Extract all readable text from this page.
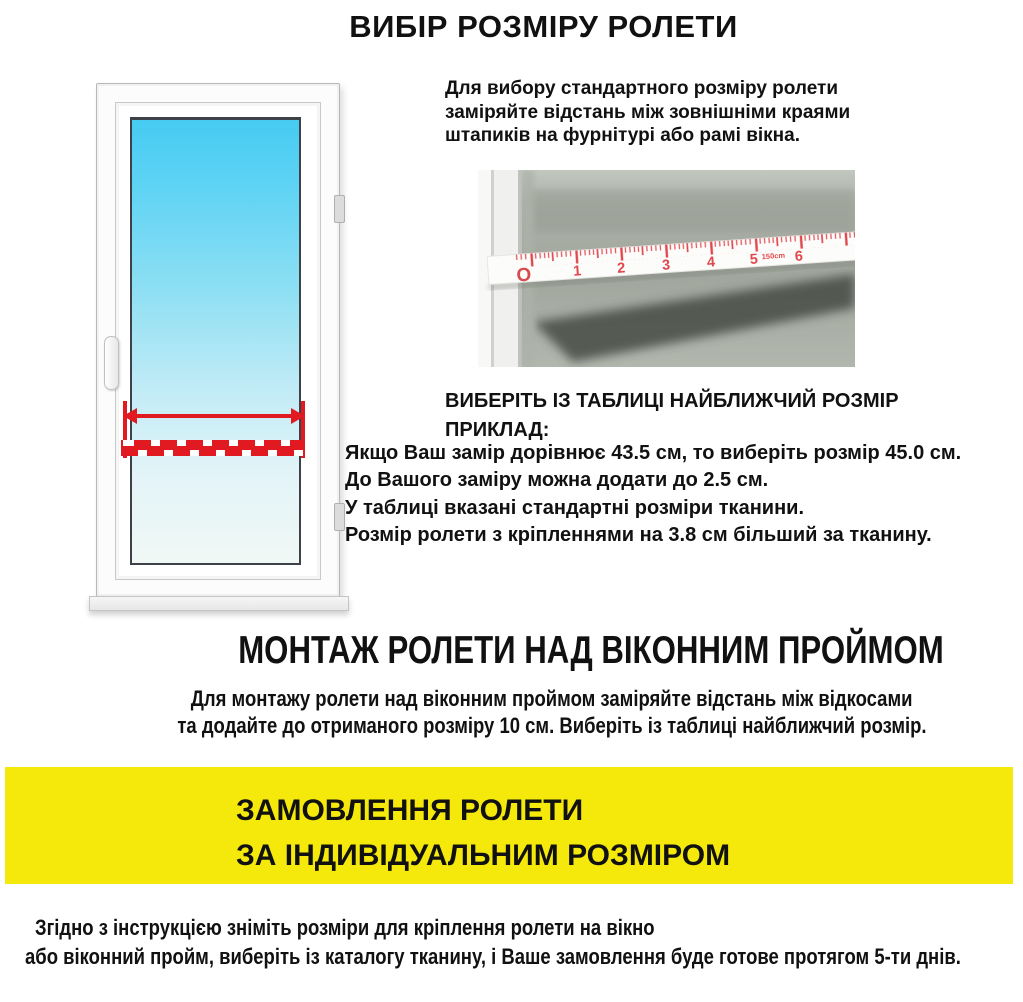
ВИБІР РОЗМІРУ РОЛЕТИ
Для вибору стандартного розміру ролети
заміряйте відстань між зовнішніми краями
штапиків на фурнітурі або рамі вікна.
O	1 2 3 4 5 150cm 6
ВИБЕРІТЬ ІЗ ТАБЛИЦІ НАЙБЛИЖЧИЙ РОЗМІР
ПРИКЛАД:
Якщо Ваш замір дорівнює 43.5 см, то виберіть розмір 45.0 см.
До Вашого заміру можна додати до 2.5 см.
У таблиці вказані стандартні розміри тканини.
Розмір ролети з кріпленнями на 3.8 см більший за тканину.
МОНТАЖ РОЛЕТИ НАД ВІКОННИМ ПРОЙМОМ
Для монтажу ролети над віконним проймом заміряйте відстань між відкосами
та додайте до отриманого розміру 10 см. Виберіть із таблиці найближчий розмір.
ЗАМОВЛЕННЯ РОЛЕТИ
ЗА ІНДИВІДУАЛЬНИМ РОЗМІРОМ
Згідно з інструкцією зніміть розміри для кріплення ролети на вікно
або віконний пройм, виберіть із каталогу тканину, і Ваше замовлення буде готове протягом 5-ти днів.
